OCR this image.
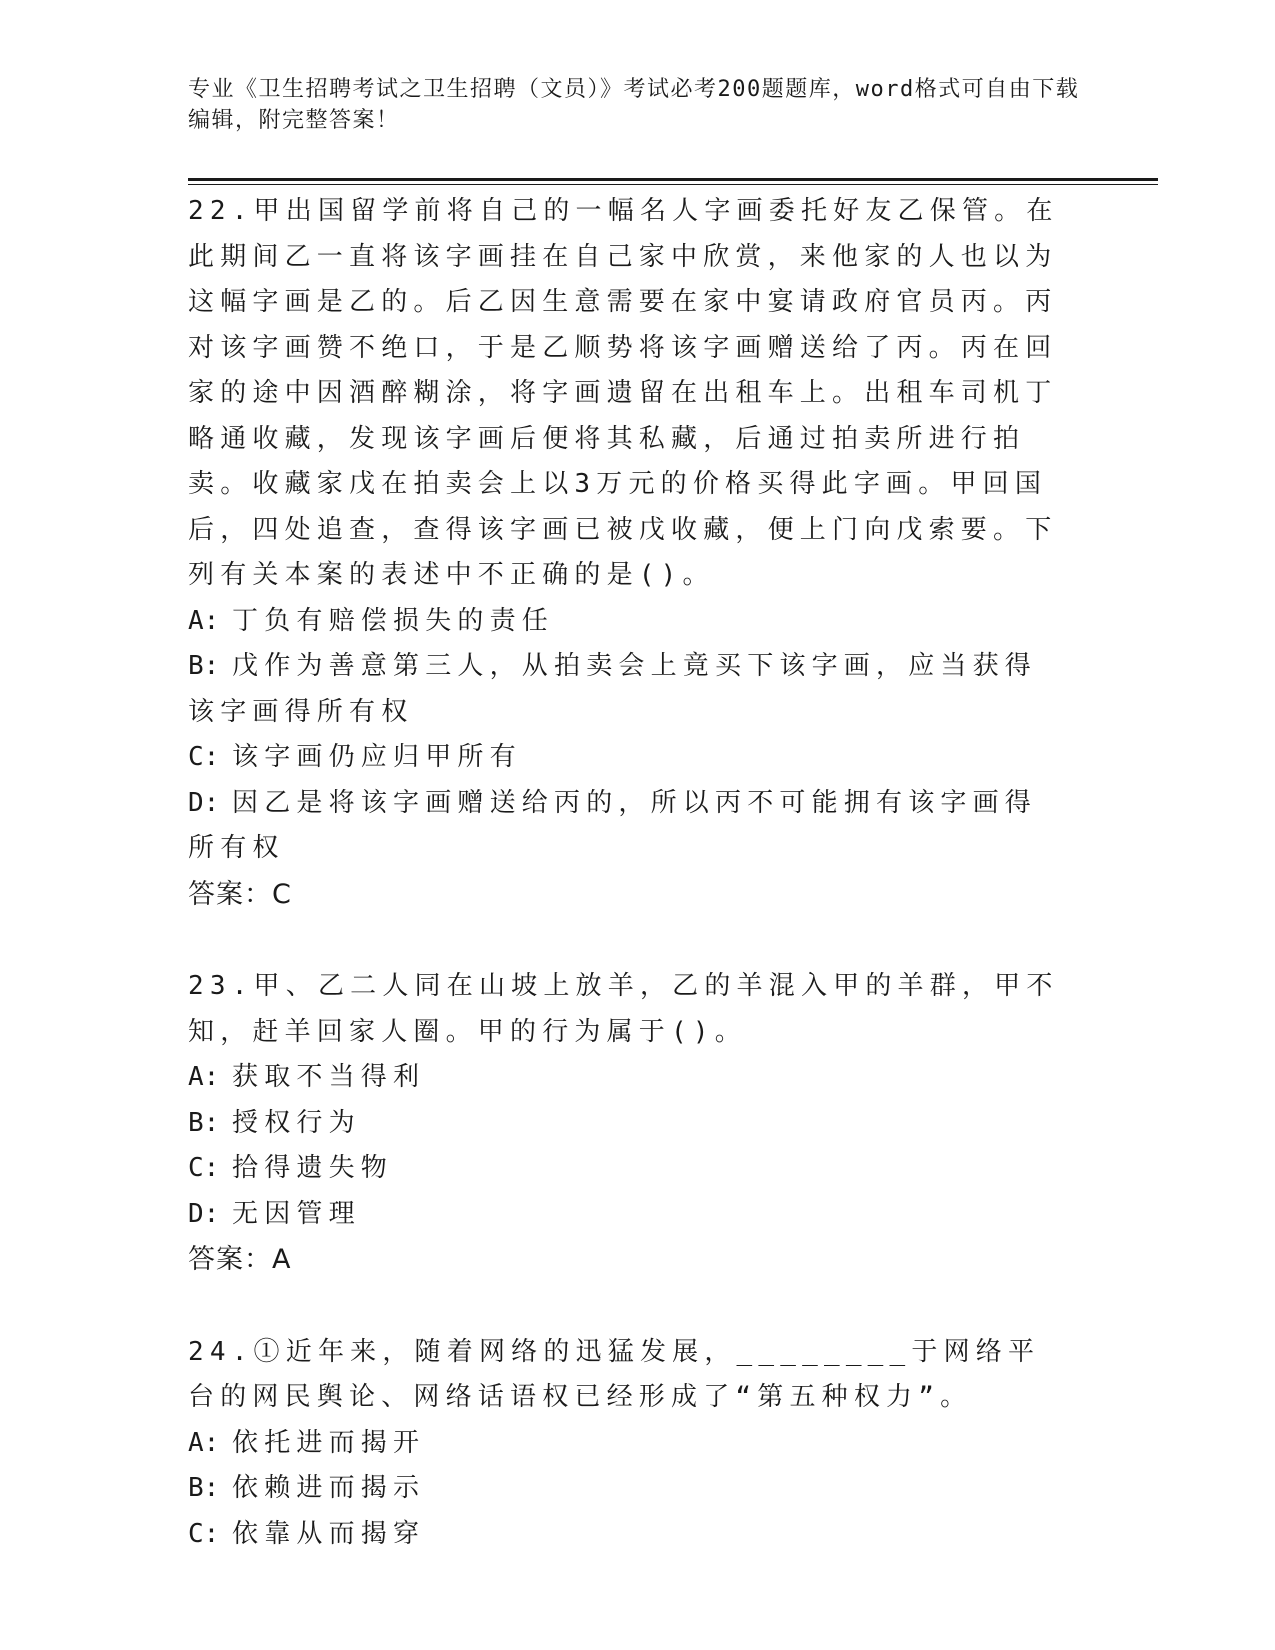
专业《卫生招聘考试之卫生招聘（文员）》考试必考200题题库，word格式可自由下载编辑，附完整答案！
22.甲出国留学前将自己的一幅名人字画委托好友乙保管。在此期间乙一直将该字画挂在自己家中欣赏，来他家的人也以为这幅字画是乙的。后乙因生意需要在家中宴请政府官员丙。丙对该字画赞不绝口，于是乙顺势将该字画赠送给了丙。丙在回家的途中因酒醉糊涂，将字画遗留在出租车上。出租车司机丁略通收藏，发现该字画后便将其私藏，后通过拍卖所进行拍卖。收藏家戊在拍卖会上以3万元的价格买得此字画。甲回国后，四处追查，查得该字画已被戊收藏，便上门向戊索要。下列有关本案的表述中不正确的是()。
A: 丁负有赔偿损失的责任
B: 戊作为善意第三人，从拍卖会上竟买下该字画，应当获得该字画得所有权
C: 该字画仍应归甲所有
D: 因乙是将该字画赠送给丙的，所以丙不可能拥有该字画得所有权
答案：C
23.甲、乙二人同在山坡上放羊，乙的羊混入甲的羊群，甲不知，赶羊回家人圈。甲的行为属于()。
A: 获取不当得利
B: 授权行为
C: 拾得遗失物
D: 无因管理
答案：A
24.①近年来，随着网络的迅猛发展，________于网络平台的网民舆论、网络话语权已经形成了“第五种权力”。
A: 依托进而揭开
B: 依赖进而揭示
C: 依靠从而揭穿
